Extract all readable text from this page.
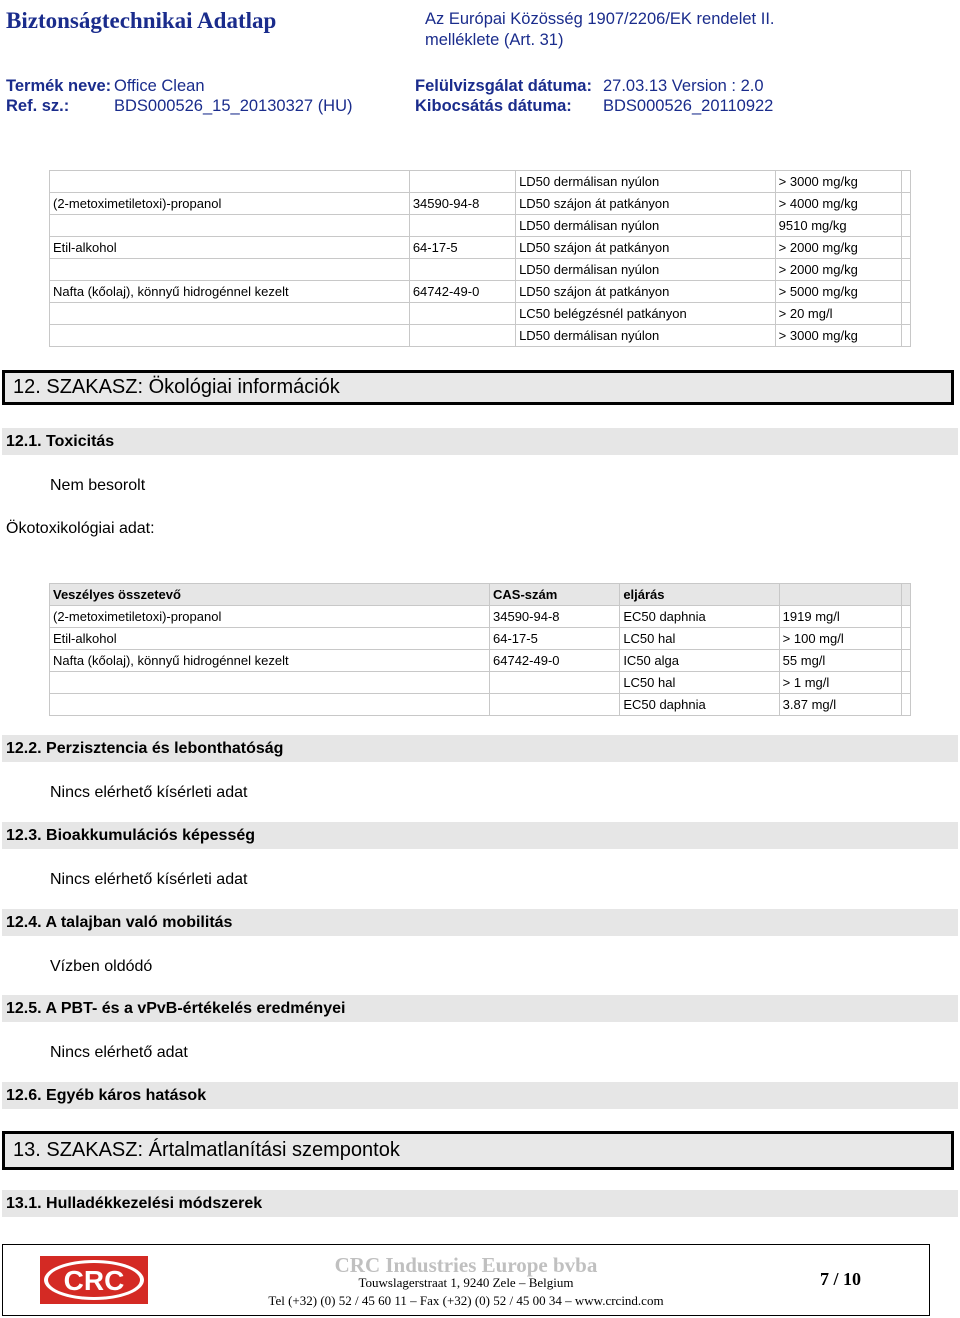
Biztonságtechnikai Adatlap	Az Európai Közösség 1907/2206/EK rendelet II.
melléklete (Art. 31)
Termék neve: Office Clean	Felülvizsgálat dátuma: 27.03.13 Version : 2.0
Ref. sz.:	BDS000526_15_20130327 (HU)	Kibocsátás dátuma: BDS000526_20110922
		LD50 dermálisan nyúlon	> 3000 mg/kg	
(2-metoximetiletoxi)-propanol	34590-94-8	LD50 szájon át patkányon	> 4000 mg/kg	
		LD50 dermálisan nyúlon	9510 mg/kg	
Etil-alkohol	64-17-5	LD50 szájon át patkányon	> 2000 mg/kg	
		LD50 dermálisan nyúlon	> 2000 mg/kg	
Nafta (kőolaj), könnyű hidrogénnel kezelt	64742-49-0	LD50 szájon át patkányon	> 5000 mg/kg	
		LC50 belégzésnél patkányon	> 20 mg/l	
		LD50 dermálisan nyúlon	> 3000 mg/kg	
12. SZAKASZ: Ökológiai információk
12.1. Toxicitás
Nem besorolt
Ökotoxikológiai adat:
Veszélyes összetevő	CAS-szám	eljárás		
(2-metoximetiletoxi)-propanol	34590-94-8	EC50 daphnia	1919 mg/l	
Etil-alkohol	64-17-5	LC50 hal	> 100 mg/l	
Nafta (kőolaj), könnyű hidrogénnel kezelt	64742-49-0	IC50 alga	55 mg/l	
		LC50 hal	> 1 mg/l	
		EC50 daphnia	3.87 mg/l	
12.2. Perzisztencia és lebonthatóság
Nincs elérhető kísérleti adat
12.3. Bioakkumulációs képesség
Nincs elérhető kísérleti adat
12.4. A talajban való mobilitás
Vízben oldódó
12.5. A PBT- és a vPvB-értékelés eredményei
Nincs elérhető adat
12.6. Egyéb káros hatások
13. SZAKASZ: Ártalmatlanítási szempontok
13.1. Hulladékkezelési módszerek
CRC	CRC Industries Europe bvba
Touwslagerstraat 1, 9240 Zele – Belgium
Tel (+32) (0) 52 / 45 60 11 – Fax (+32) (0) 52 / 45 00 34 – www.crcind.com
7 / 10
